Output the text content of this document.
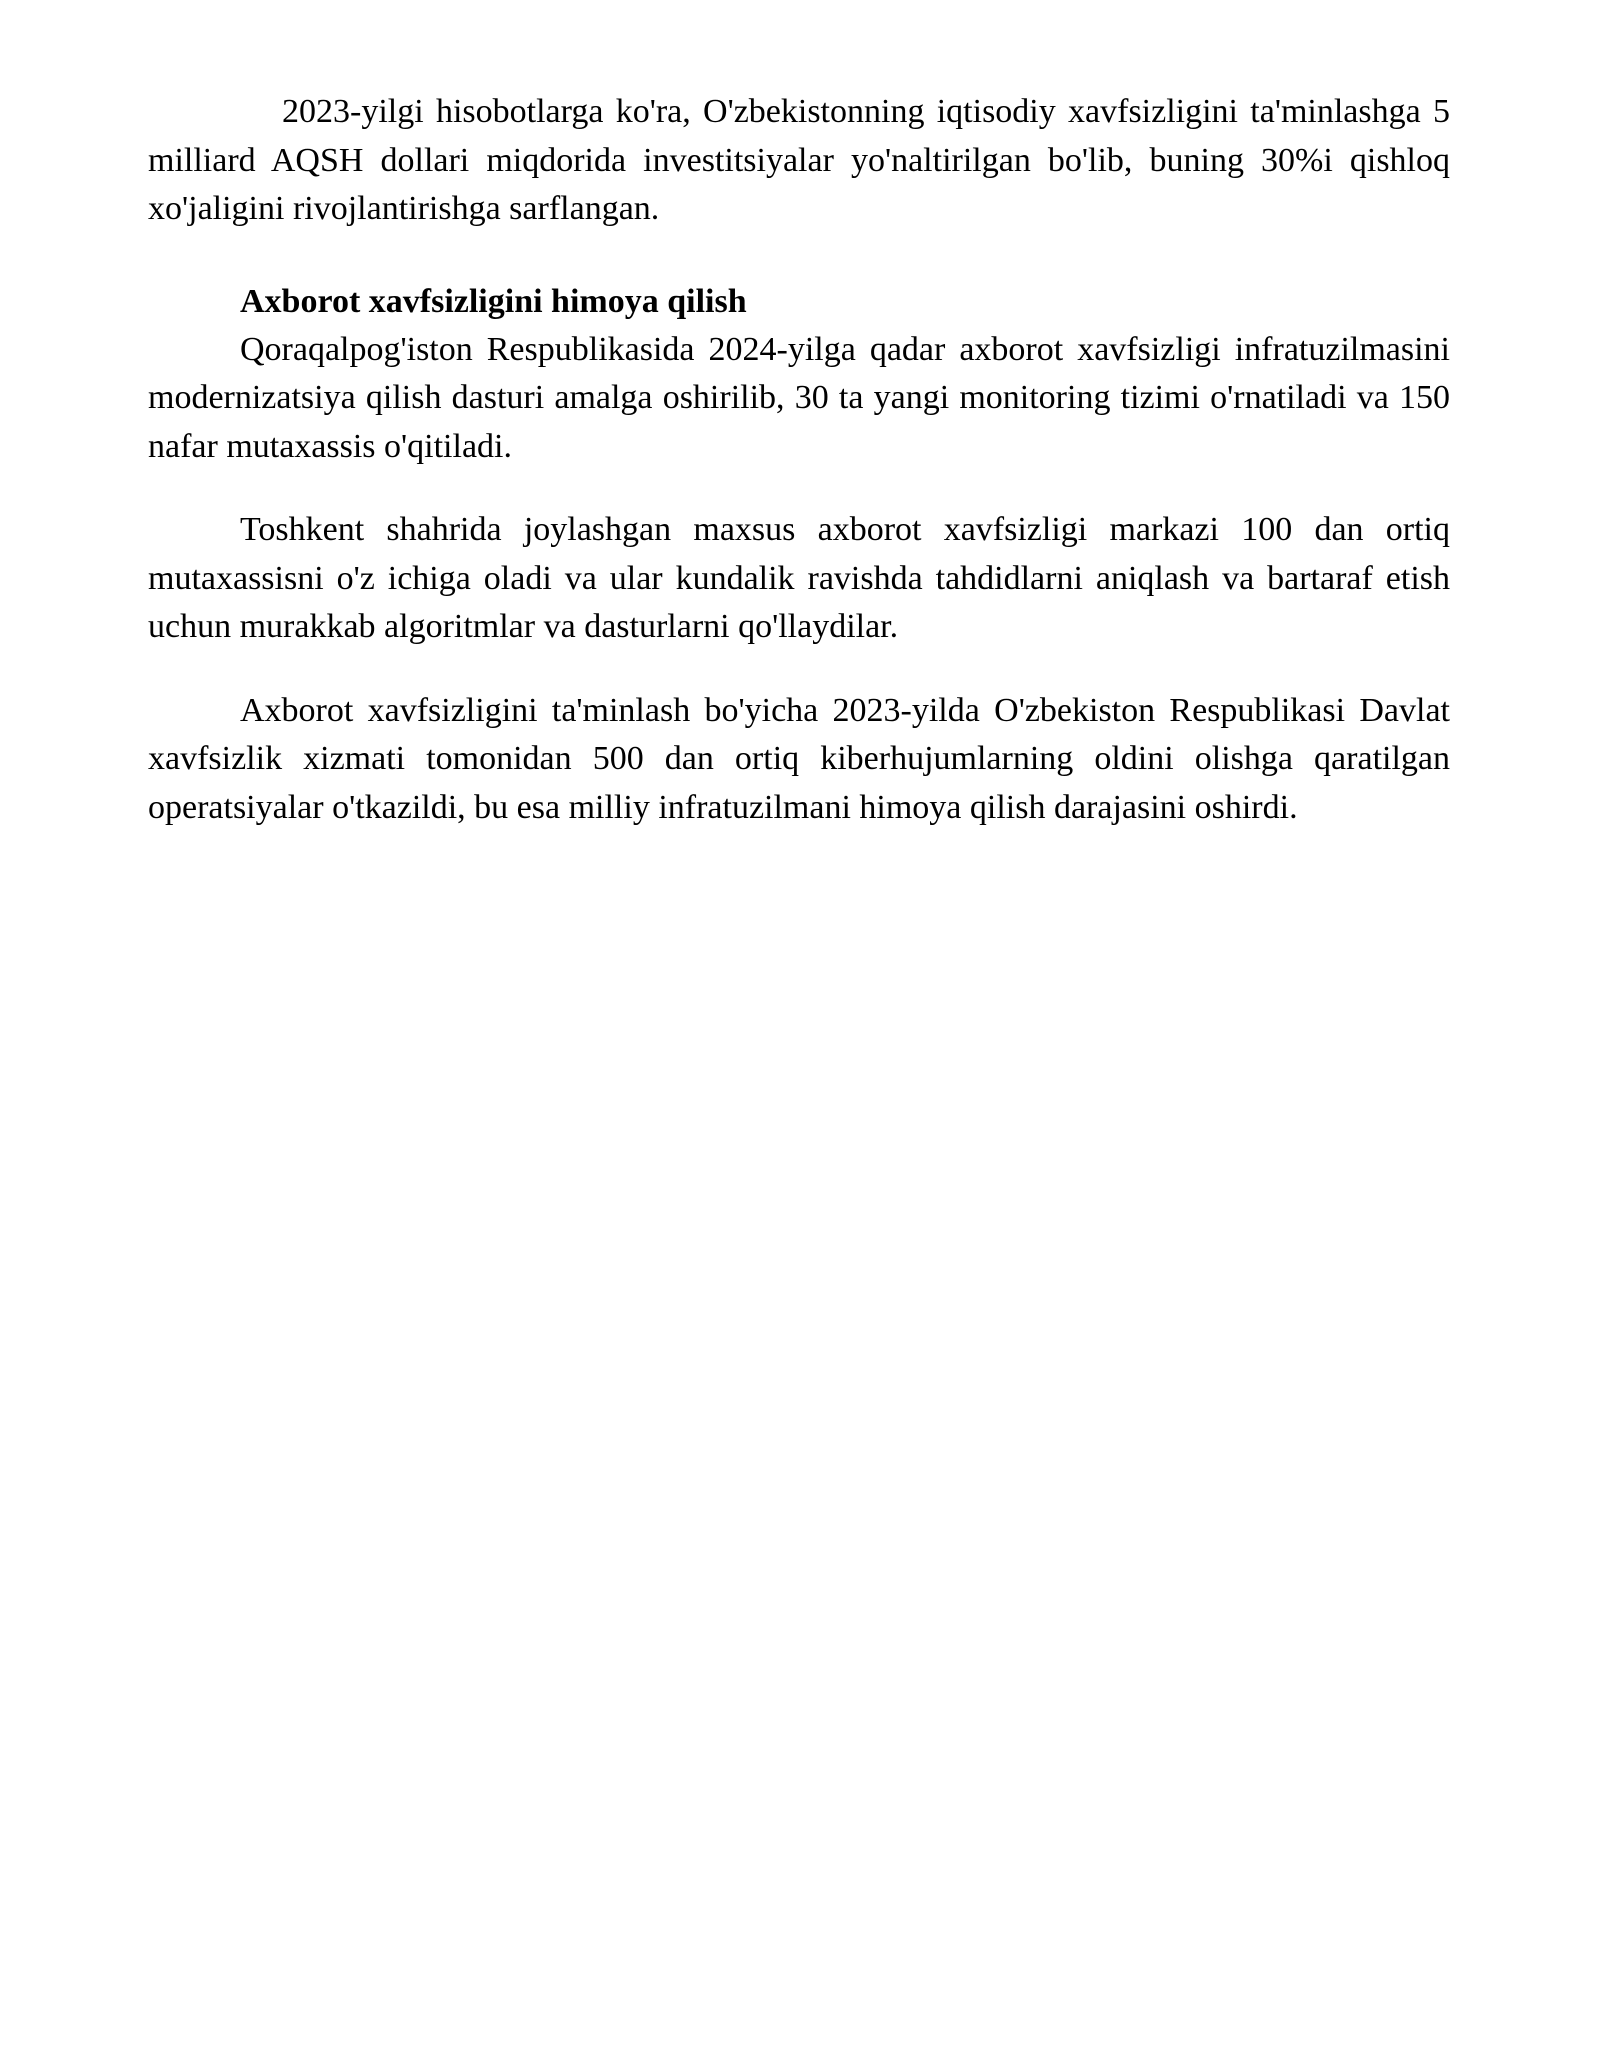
2023-yilgi hisobotlarga ko'ra, O'zbekistonning iqtisodiy xavfsizligini ta'minlashga 5 milliard AQSH dollari miqdorida investitsiyalar yo'naltirilgan bo'lib, buning 30%i qishloq xo'jaligini rivojlantirishga sarflangan.

Axborot xavfsizligini himoya qilish

Qoraqalpog'iston Respublikasida 2024-yilga qadar axborot xavfsizligi infratuzilmasini modernizatsiya qilish dasturi amalga oshirilib, 30 ta yangi monitoring tizimi o'rnatiladi va 150 nafar mutaxassis o'qitiladi.

Toshkent shahrida joylashgan maxsus axborot xavfsizligi markazi 100 dan ortiq mutaxassisni o'z ichiga oladi va ular kundalik ravishda tahdidlarni aniqlash va bartaraf etish uchun murakkab algoritmlar va dasturlarni qo'llaydilar.

Axborot xavfsizligini ta'minlash bo'yicha 2023-yilda O'zbekiston Respublikasi Davlat xavfsizlik xizmati tomonidan 500 dan ortiq kiberhujumlarning oldini olishga qaratilgan operatsiyalar o'tkazildi, bu esa milliy infratuzilmani himoya qilish darajasini oshirdi.
